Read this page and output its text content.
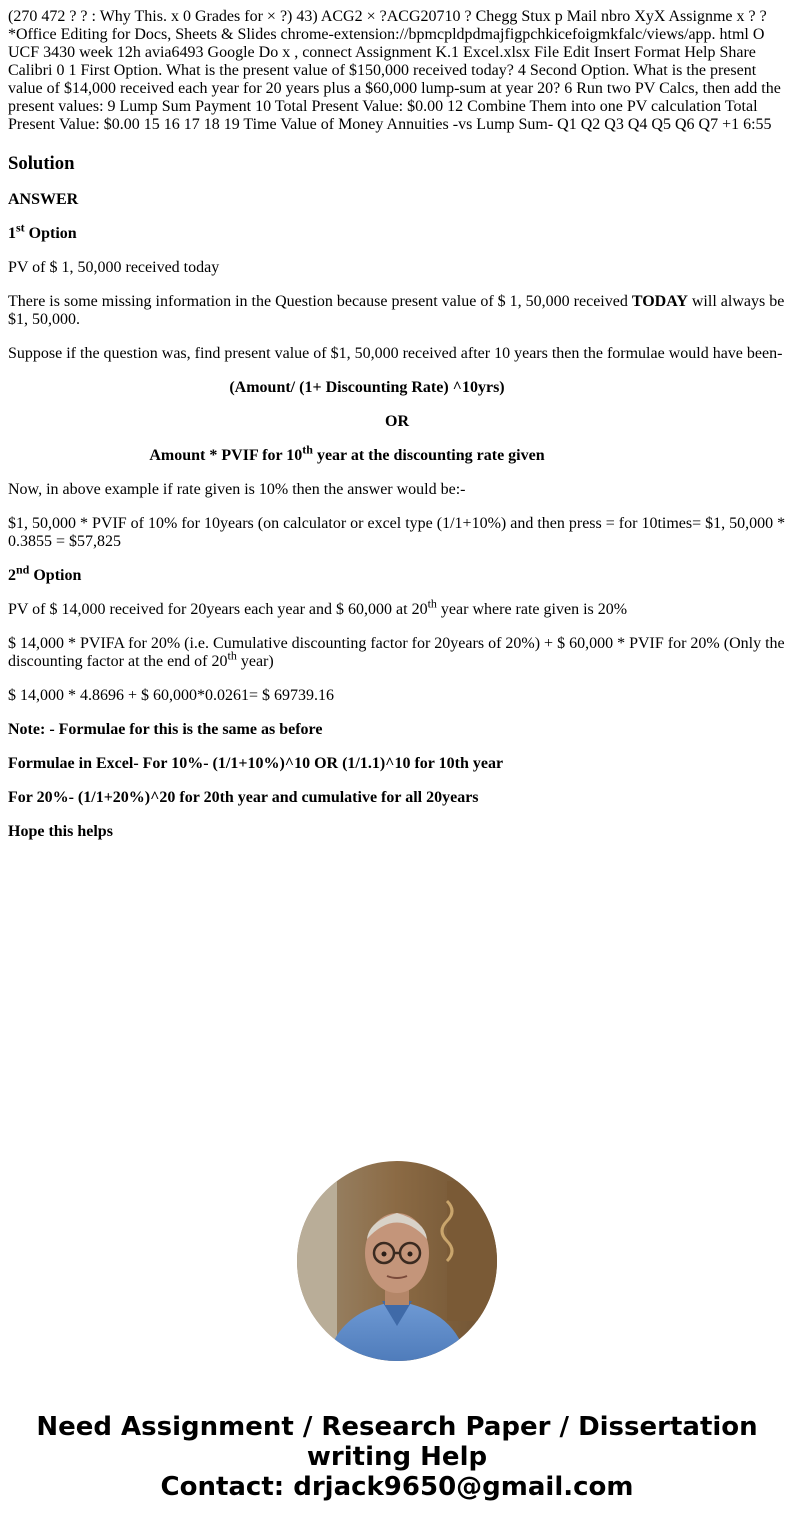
(270 472 ? ? : Why This. x 0 Grades for × ?) 43) ACG2 × ?ACG20710 ? Chegg Stux p Mail nbro XyX Assignme x ? ? *Office Editing for Docs, Sheets & Slides chrome-extension://bpmcpldpdmajfigpchkicefoigmkfalc/views/app. html O UCF 3430 week 12h avia6493 Google Do x , connect Assignment K.1 Excel.xlsx File Edit Insert Format Help Share Calibri 0 1 First Option. What is the present value of $150,000 received today? 4 Second Option. What is the present value of $14,000 received each year for 20 years plus a $60,000 lump-sum at year 20? 6 Run two PV Calcs, then add the present values: 9 Lump Sum Payment 10 Total Present Value: $0.00 12 Combine Them into one PV calculation Total Present Value: $0.00 15 16 17 18 19 Time Value of Money Annuities -vs Lump Sum- Q1 Q2 Q3 Q4 Q5 Q6 Q7 +1 6:55
Solution

ANSWER

1st Option

PV of $ 1, 50,000 received today

There is some missing information in the Question because present value of $ 1, 50,000 received TODAY will always be $1, 50,000.

Suppose if the question was, find present value of $1, 50,000 received after 10 years then the formulae would have been-

(Amount/ (1+ Discounting Rate) ^10yrs)

OR

Amount * PVIF for 10th year at the discounting rate given

Now, in above example if rate given is 10% then the answer would be:-

$1, 50,000 * PVIF of 10% for 10years (on calculator or excel type (1/1+10%) and then press = for 10times= $1, 50,000 * 0.3855 = $57,825

2nd Option

PV of $ 14,000 received for 20years each year and $ 60,000 at 20th year where rate given is 20%

$ 14,000 * PVIFA for 20% (i.e. Cumulative discounting factor for 20years of 20%) + $ 60,000 * PVIF for 20% (Only the discounting factor at the end of 20th year)

$ 14,000 * 4.8696 + $ 60,000*0.0261= $ 69739.16

Note: - Formulae for this is the same as before

Formulae in Excel- For 10%- (1/1+10%)^10 OR (1/1.1)^10 for 10th year

For 20%- (1/1+20%)^20 for 20th year and cumulative for all 20years

Hope this helps

Need Assignment / Research Paper / Dissertation
writing Help
Contact: drjack9650@gmail.com
